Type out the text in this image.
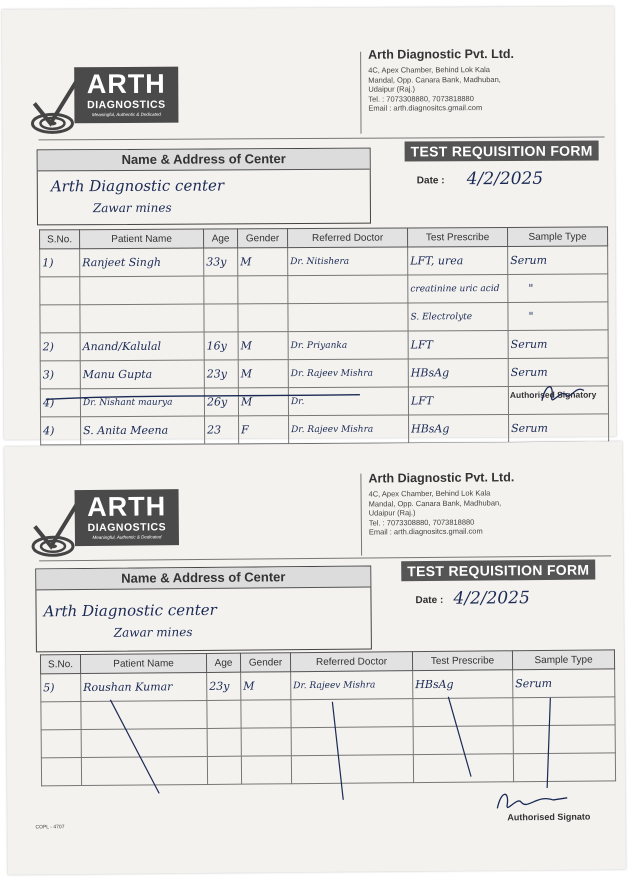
ARTH
DIAGNOSTICS
Meaningful, Authentic & Dedicated
Arth Diagnostic Pvt. Ltd.
4C, Apex Chamber, Behind Lok Kala
Mandal, Opp. Canara Bank, Madhuban,
Udaipur (Raj.)
Tel. : 7073308880, 7073818880
Email : arth.diagnositcs.gmail.com
Name & Address of Center
Arth Diagnostic center
Zawar mines
TEST REQUISITION FORM
Date : 4/2/2025
S.No.	Patient Name	Age	Gender	Referred Doctor	Test Prescribe	Sample Type
1)	Ranjeet Singh	33y	M	Dr. Nitishera	LFT, urea	Serum
					creatinine uric acid	"
					S. Electrolyte	"
2)	Anand/Kalulal	16y	M	Dr. Priyanka	LFT	Serum
3)	Manu Gupta	23y	M	Dr. Rajeev Mishra	HBsAg	Serum
4)	Dr. Nishant maurya	26y	M	Dr.	LFT	
4)	S. Anita Meena	23	F	Dr. Rajeev Mishra	HBsAg	Serum
Authorised Signatory
ARTH
DIAGNOSTICS
Meaningful, Authentic & Dedicated
Arth Diagnostic Pvt. Ltd.
4C, Apex Chamber, Behind Lok Kala
Mandal, Opp. Canara Bank, Madhuban,
Udaipur (Raj.)
Tel. : 7073308880, 7073818880
Email : arth.diagnositcs.gmail.com
Name & Address of Center
Arth Diagnostic center
Zawar mines
TEST REQUISITION FORM
Date : 4/2/2025
S.No.	Patient Name	Age	Gender	Referred Doctor	Test Prescribe	Sample Type
5)	Roushan Kumar	23y	M	Dr. Rajeev Mishra	HBsAg	Serum

Authorised Signato
COPL - 4707
